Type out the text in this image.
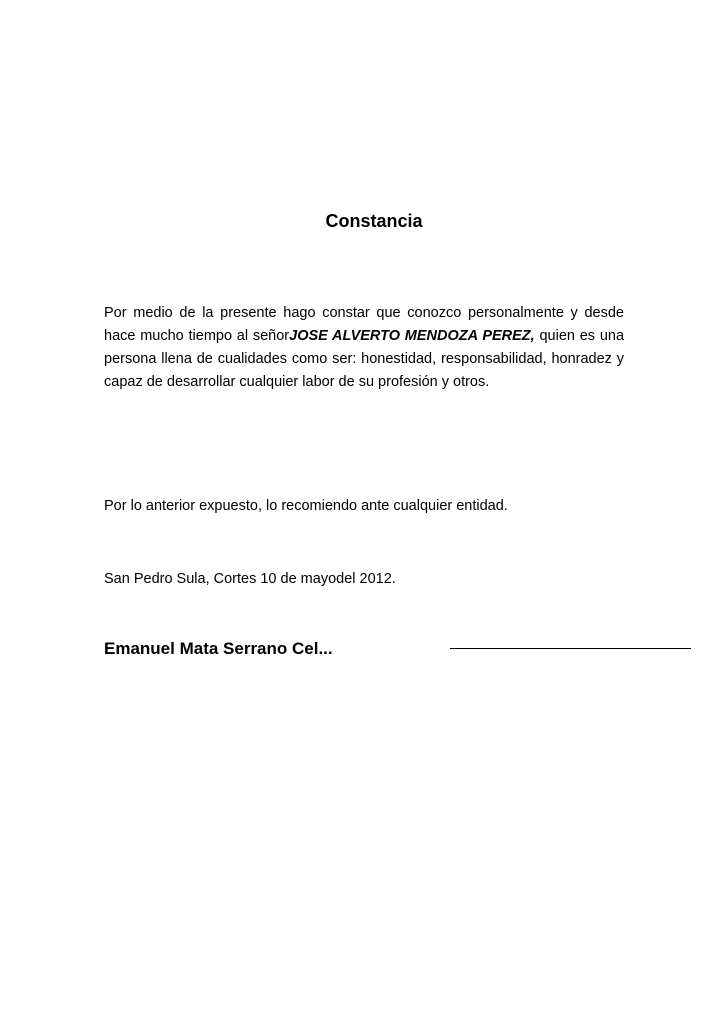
Constancia

Por medio de la presente hago constar que conozco personalmente y desde hace mucho tiempo al señorJOSE ALVERTO MENDOZA PEREZ, quien es una persona llena de cualidades como ser: honestidad, responsabilidad, honradez y capaz de desarrollar cualquier labor de su profesión y otros.

Por lo anterior expuesto, lo recomiendo ante cualquier entidad.

San Pedro Sula, Cortes 10 de mayodel 2012.

Emanuel Mata Serrano Cel...
